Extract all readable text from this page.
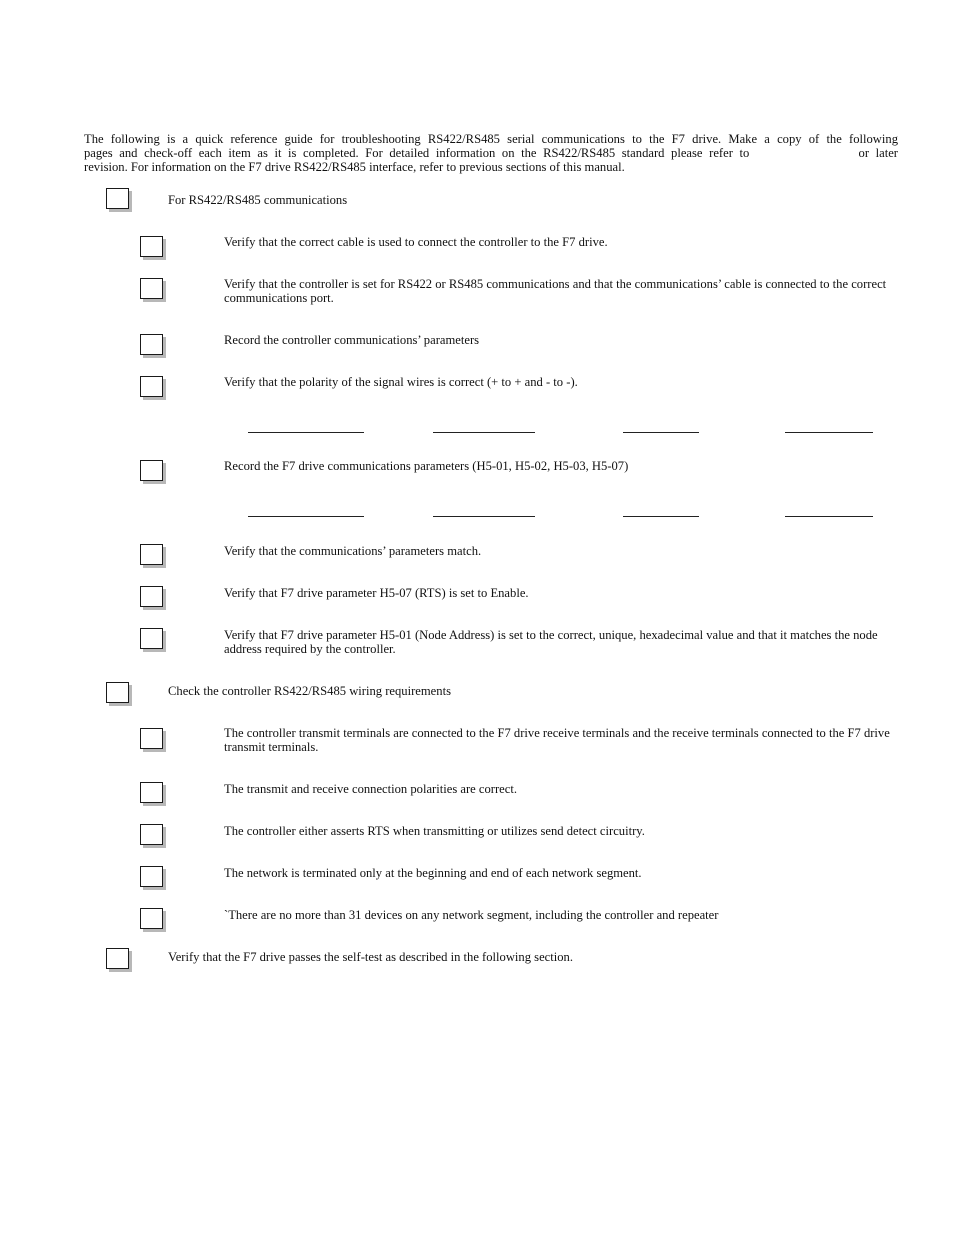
The following is a quick reference guide for troubleshooting RS422/RS485 serial communications to the F7 drive. Make a copy of the following

pages and check-off each item as it is completed. For detailed information on the RS422/RS485 standard please refer to	or later

revision. For information on the F7 drive RS422/RS485 interface, refer to previous sections of this manual.

For RS422/RS485 communications

Verify that the correct cable is used to connect the controller to the F7 drive.

Verify that the controller is set for RS422 or RS485 communications and that the communications’ cable is connected to the correct communications port.

Record the controller communications’ parameters

Verify that the polarity of the signal wires is correct (+ to + and - to -).

Record the F7 drive communications parameters (H5-01, H5-02, H5-03, H5-07)

Verify that the communications’ parameters match.

Verify that F7 drive parameter H5-07 (RTS) is set to Enable.

Verify that F7 drive parameter H5-01 (Node Address) is set to the correct, unique, hexadecimal value and that it matches the node address required by the controller.

Check the controller RS422/RS485 wiring requirements

The controller transmit terminals are connected to the F7 drive receive terminals and the receive terminals connected to the F7 drive transmit terminals.

The transmit and receive connection polarities are correct.

The controller either asserts RTS when transmitting or utilizes send detect circuitry.

The network is terminated only at the beginning and end of each network segment.

`There are no more than 31 devices on any network segment, including the controller and repeater

Verify that the F7 drive passes the self-test as described in the following section.
